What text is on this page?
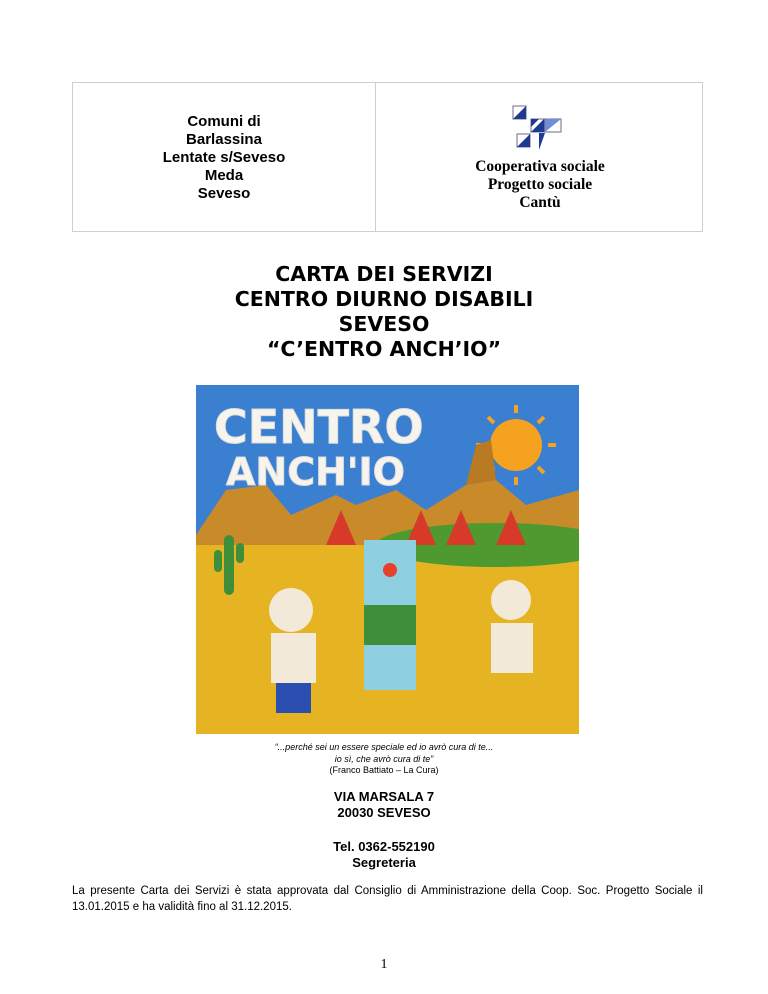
Comuni di
Barlassina
Lentate s/Seveso
Meda
Seveso
Cooperativa sociale
Progetto sociale
Cantù
CARTA DEI SERVIZI
CENTRO DIURNO DISABILI
SEVESO
“C’ENTRO ANCH’IO”
CENTRO
ANCH'IO
“...perché sei un essere speciale ed io avrò cura di te...
io sì, che avrò cura di te”
(Franco Battiato – La Cura)
VIA MARSALA 7
20030 SEVESO
Tel. 0362-552190
Segreteria
La presente Carta dei Servizi è stata approvata dal Consiglio di Amministrazione della Coop. Soc. Progetto Sociale il 13.01.2015 e ha validità fino al 31.12.2015.
1
